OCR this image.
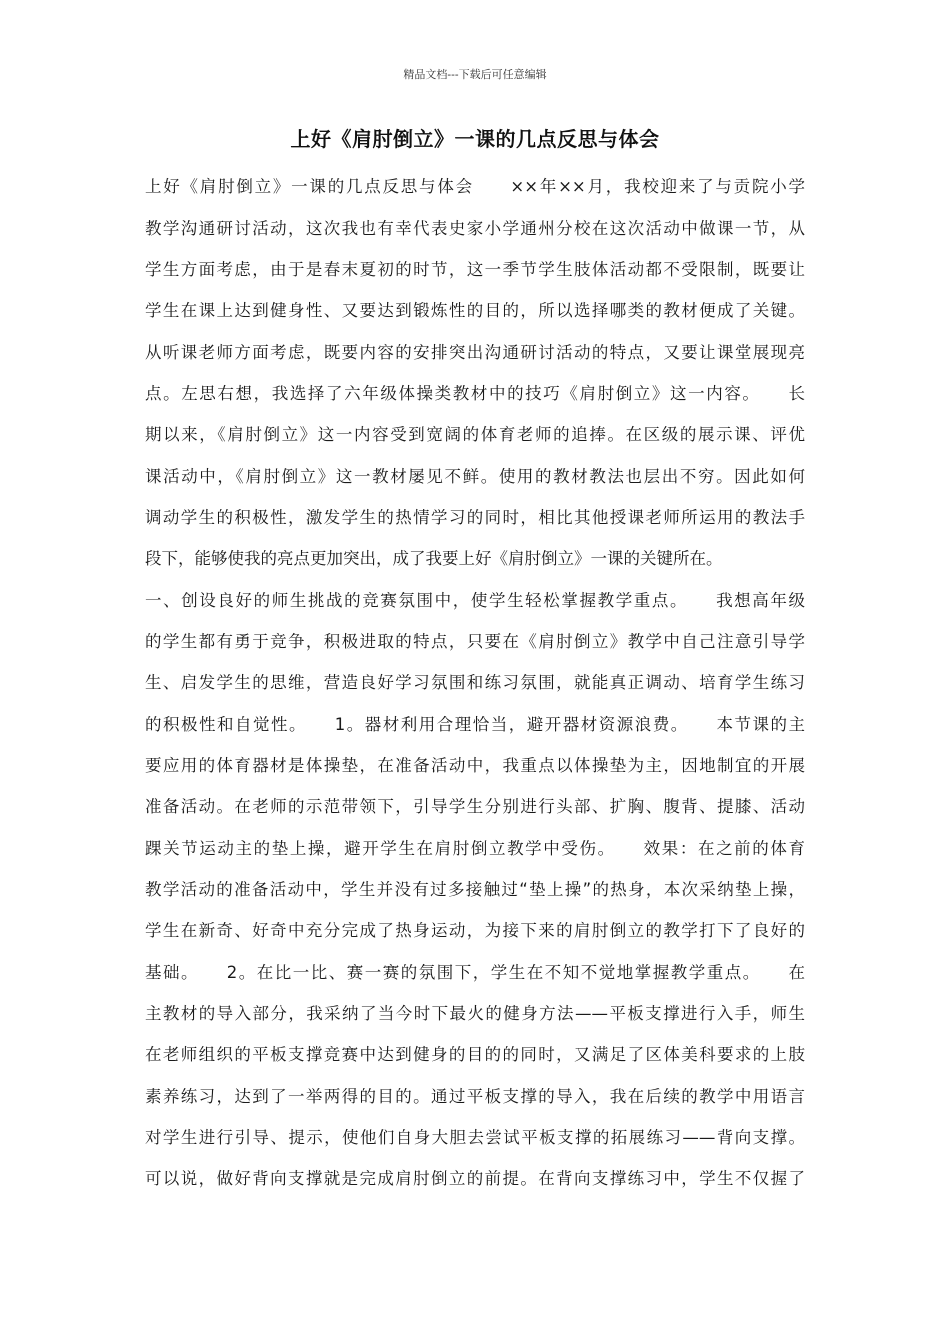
精品文档---下载后可任意编辑
上好《肩肘倒立》一课的几点反思与体会
上好《肩肘倒立》一课的几点反思与体会　　××年××月，我校迎来了与贡院小学
教学沟通研讨活动，这次我也有幸代表史家小学通州分校在这次活动中做课一节，从
学生方面考虑，由于是春末夏初的时节，这一季节学生肢体活动都不受限制，既要让
学生在课上达到健身性、又要达到锻炼性的目的，所以选择哪类的教材便成了关键。
从听课老师方面考虑，既要内容的安排突出沟通研讨活动的特点，又要让课堂展现亮
点。左思右想，我选择了六年级体操类教材中的技巧《肩肘倒立》这一内容。　　长
期以来，《肩肘倒立》这一内容受到宽阔的体育老师的追捧。在区级的展示课、评优
课活动中，《肩肘倒立》这一教材屡见不鲜。使用的教材教法也层出不穷。因此如何
调动学生的积极性，激发学生的热情学习的同时，相比其他授课老师所运用的教法手
段下，能够使我的亮点更加突出，成了我要上好《肩肘倒立》一课的关键所在。
一、创设良好的师生挑战的竞赛氛围中，使学生轻松掌握教学重点。　　我想高年级
的学生都有勇于竞争，积极进取的特点，只要在《肩肘倒立》教学中自己注意引导学
生、启发学生的思维，营造良好学习氛围和练习氛围，就能真正调动、培育学生练习
的积极性和自觉性。　　1。器材利用合理恰当，避开器材资源浪费。　　本节课的主
要应用的体育器材是体操垫，在准备活动中，我重点以体操垫为主，因地制宜的开展
准备活动。在老师的示范带领下，引导学生分别进行头部、扩胸、腹背、提膝、活动
踝关节运动主的垫上操，避开学生在肩肘倒立教学中受伤。　　效果：在之前的体育
教学活动的准备活动中，学生并没有过多接触过“垫上操”的热身，本次采纳垫上操，
学生在新奇、好奇中充分完成了热身运动，为接下来的肩肘倒立的教学打下了良好的
基础。　　2。在比一比、赛一赛的氛围下，学生在不知不觉地掌握教学重点。　　在
主教材的导入部分，我采纳了当今时下最火的健身方法——平板支撑进行入手，师生
在老师组织的平板支撑竞赛中达到健身的目的的同时，又满足了区体美科要求的上肢
素养练习，达到了一举两得的目的。通过平板支撑的导入，我在后续的教学中用语言
对学生进行引导、提示，使他们自身大胆去尝试平板支撑的拓展练习——背向支撑。
可以说，做好背向支撑就是完成肩肘倒立的前提。在背向支撑练习中，学生不仅握了
